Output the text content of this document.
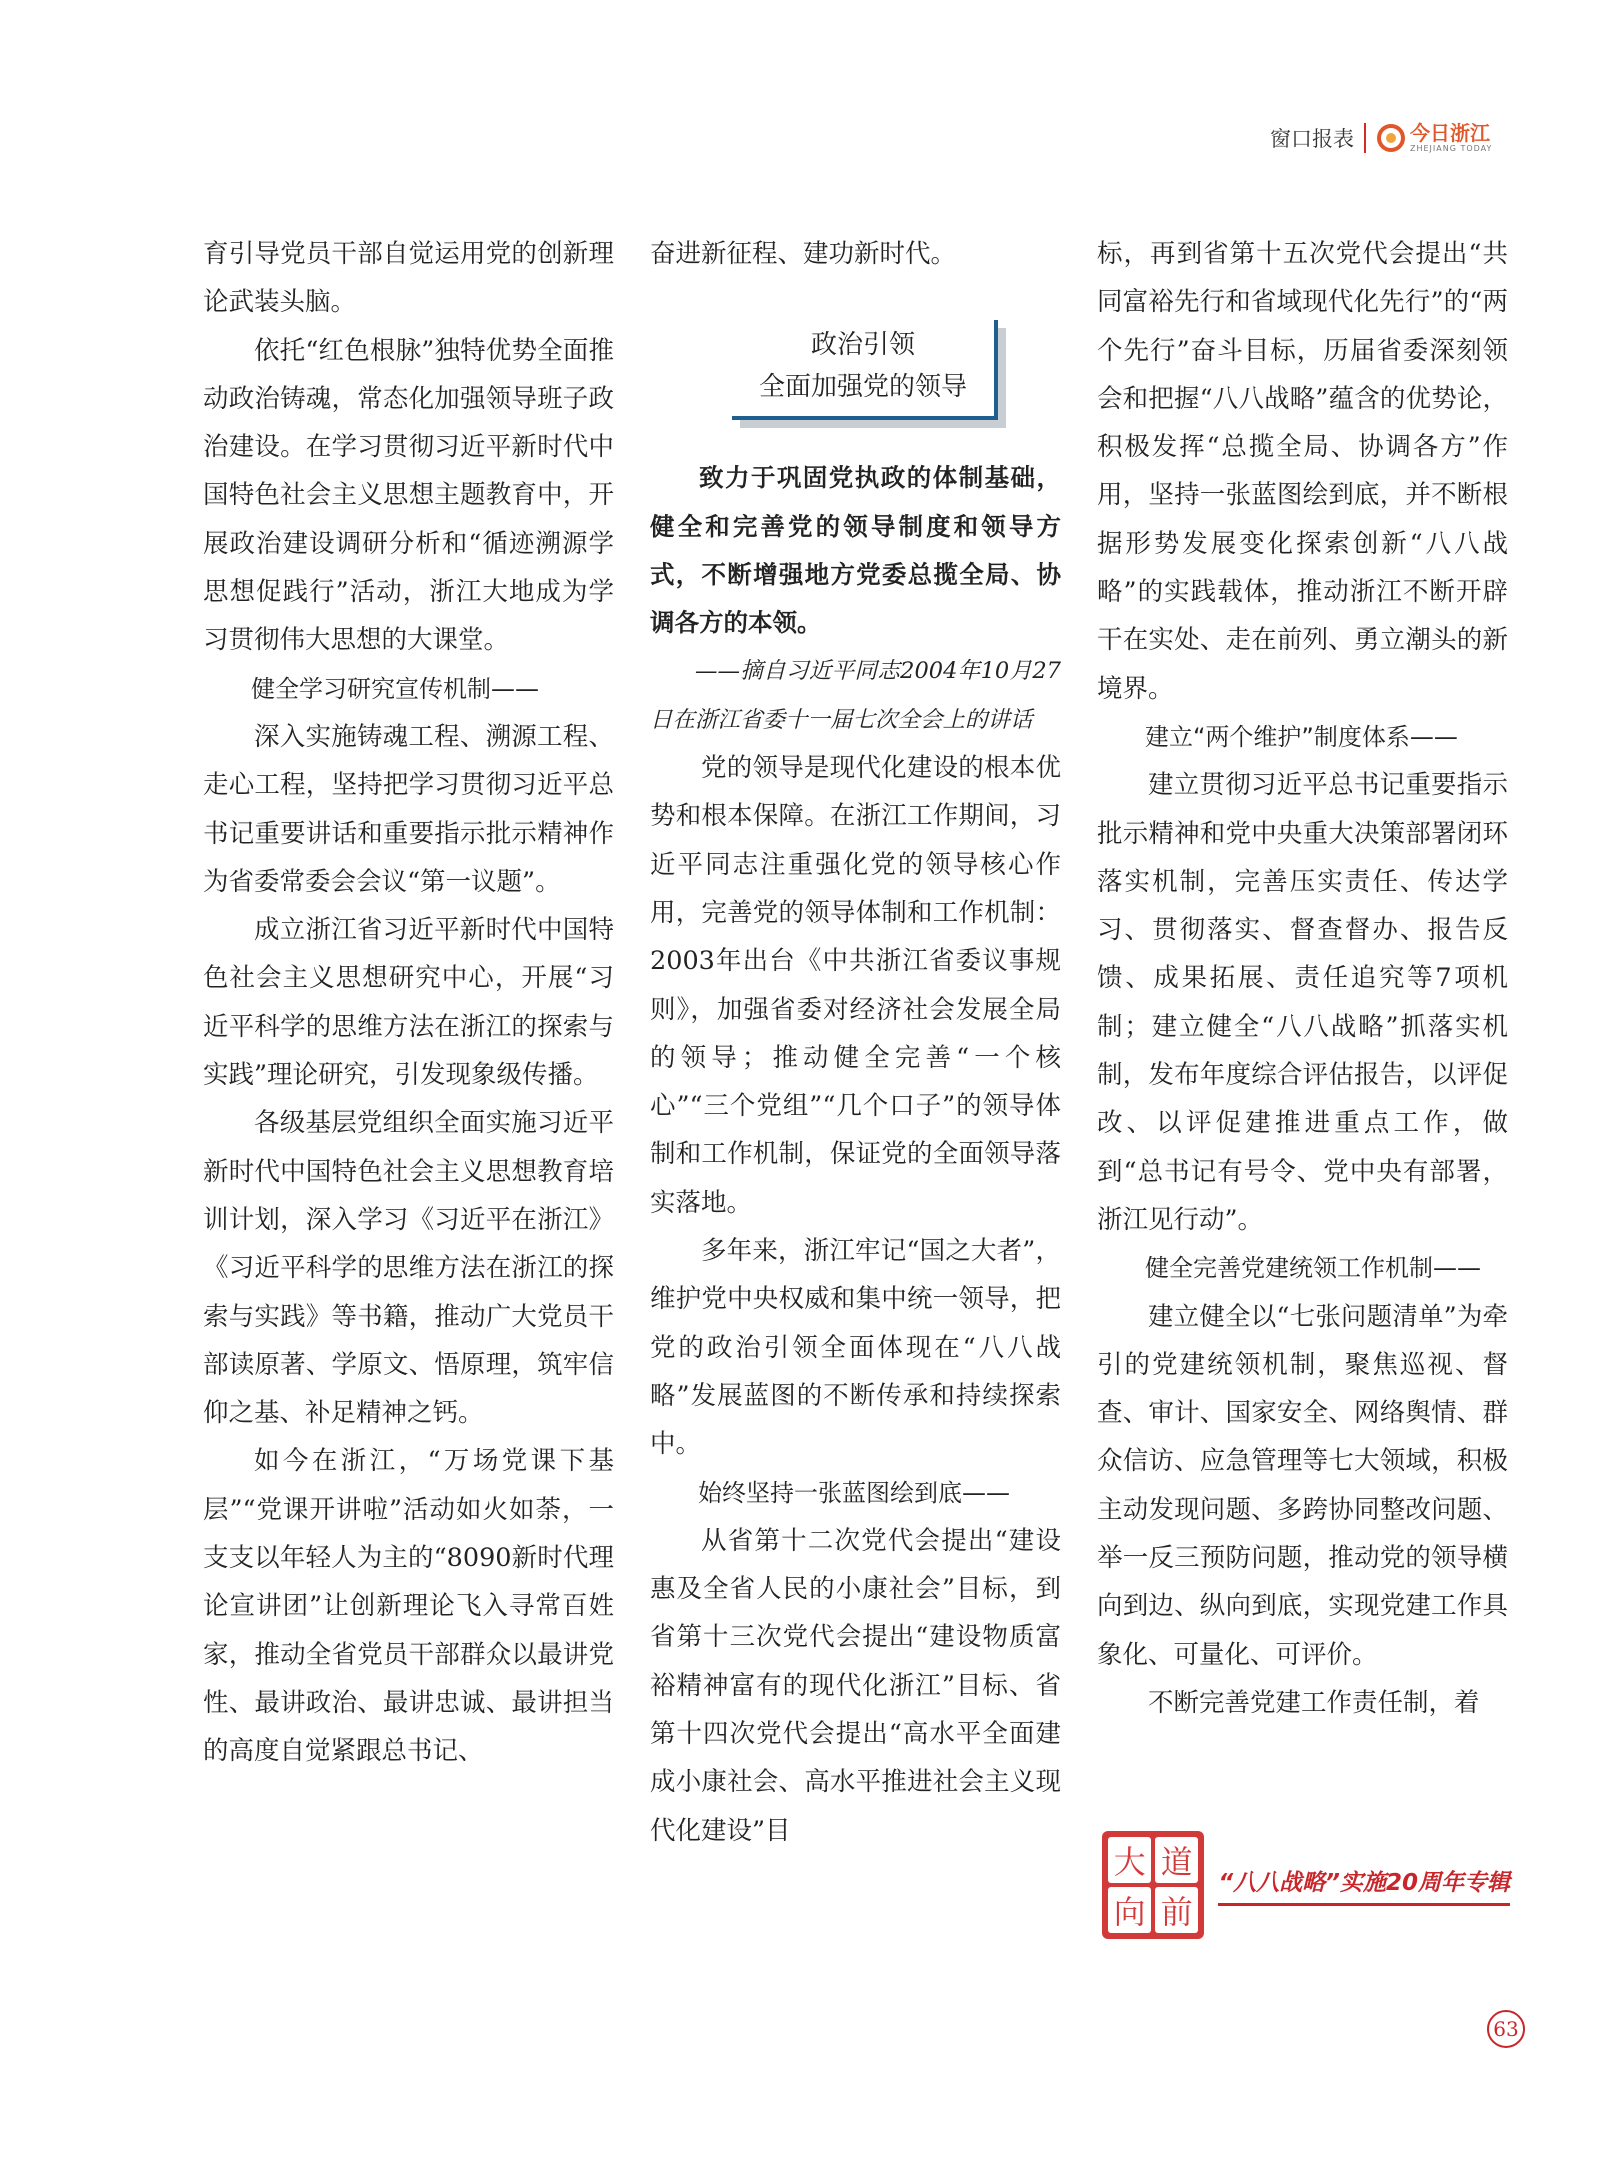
窗口报表	今日浙江
ZHEJIANG TODAY

育引导党员干部自觉运用党的创新理论武装头脑。

依托“红色根脉”独特优势全面推动政治铸魂，常态化加强领导班子政治建设。在学习贯彻习近平新时代中国特色社会主义思想主题教育中，开展政治建设调研分析和“循迹溯源学思想促践行”活动，浙江大地成为学习贯彻伟大思想的大课堂。

健全学习研究宣传机制——

深入实施铸魂工程、溯源工程、走心工程，坚持把学习贯彻习近平总书记重要讲话和重要指示批示精神作为省委常委会会议“第一议题”。

成立浙江省习近平新时代中国特色社会主义思想研究中心，开展“习近平科学的思维方法在浙江的探索与实践”理论研究，引发现象级传播。

各级基层党组织全面实施习近平新时代中国特色社会主义思想教育培训计划，深入学习《习近平在浙江》《习近平科学的思维方法在浙江的探索与实践》等书籍，推动广大党员干部读原著、学原文、悟原理，筑牢信仰之基、补足精神之钙。

如今在浙江，“万场党课下基层”“党课开讲啦”活动如火如荼，一支支以年轻人为主的“8090新时代理论宣讲团”让创新理论飞入寻常百姓家，推动全省党员干部群众以最讲党性、最讲政治、最讲忠诚、最讲担当的高度自觉紧跟总书记、

奋进新征程、建功新时代。

政治引领
全面加强党的领导

致力于巩固党执政的体制基础，健全和完善党的领导制度和领导方式，不断增强地方党委总揽全局、协调各方的本领。

——摘自习近平同志2004年10月27日在浙江省委十一届七次全会上的讲话

党的领导是现代化建设的根本优势和根本保障。在浙江工作期间，习近平同志注重强化党的领导核心作用，完善党的领导体制和工作机制：2003年出台《中共浙江省委议事规则》，加强省委对经济社会发展全局的领导；推动健全完善“一个核心”“三个党组”“几个口子”的领导体制和工作机制，保证党的全面领导落实落地。

多年来，浙江牢记“国之大者”，维护党中央权威和集中统一领导，把党的政治引领全面体现在“八八战略”发展蓝图的不断传承和持续探索中。

始终坚持一张蓝图绘到底——

从省第十二次党代会提出“建设惠及全省人民的小康社会”目标，到省第十三次党代会提出“建设物质富裕精神富有的现代化浙江”目标、省第十四次党代会提出“高水平全面建成小康社会、高水平推进社会主义现代化建设”目

标，再到省第十五次党代会提出“共同富裕先行和省域现代化先行”的“两个先行”奋斗目标，历届省委深刻领会和把握“八八战略”蕴含的优势论，积极发挥“总揽全局、协调各方”作用，坚持一张蓝图绘到底，并不断根据形势发展变化探索创新“八八战略”的实践载体，推动浙江不断开辟干在实处、走在前列、勇立潮头的新境界。

建立“两个维护”制度体系——

建立贯彻习近平总书记重要指示批示精神和党中央重大决策部署闭环落实机制，完善压实责任、传达学习、贯彻落实、督查督办、报告反馈、成果拓展、责任追究等7项机制；建立健全“八八战略”抓落实机制，发布年度综合评估报告，以评促改、以评促建推进重点工作，做到“总书记有号令、党中央有部署，浙江见行动”。

健全完善党建统领工作机制——

建立健全以“七张问题清单”为牵引的党建统领机制，聚焦巡视、督查、审计、国家安全、网络舆情、群众信访、应急管理等七大领域，积极主动发现问题、多跨协同整改问题、举一反三预防问题，推动党的领导横向到边、纵向到底，实现党建工作具象化、可量化、可评价。

不断完善党建工作责任制，着

大 道
向 前
“八八战略”实施20周年专辑
63
